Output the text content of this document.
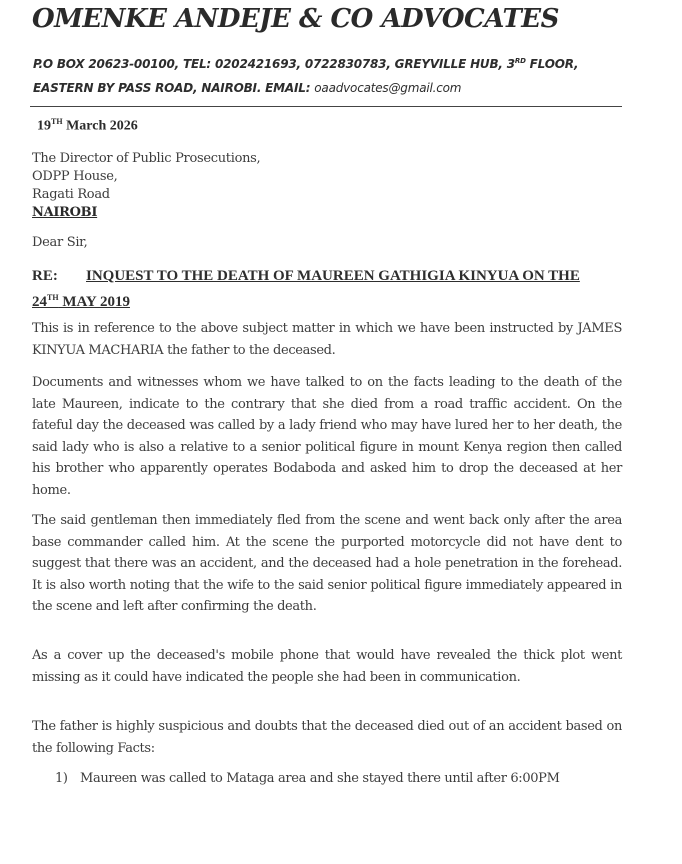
OMENKE ANDEJE & CO ADVOCATES
P.O BOX 20623-00100, TEL: 0202421693, 0722830783, GREYVILLE HUB, 3RD FLOOR,
EASTERN BY PASS ROAD, NAIROBI. EMAIL: oaadvocates@gmail.com
19TH March 2026
The Director of Public Prosecutions,
ODPP House,
Ragati Road
NAIROBI
Dear Sir,
RE: INQUEST TO THE DEATH OF MAUREEN GATHIGIA KINYUA ON THE
24TH MAY 2019

This is in reference to the above subject matter in which we have been instructed by JAMES KINYUA MACHARIA the father to the deceased.

Documents and witnesses whom we have talked to on the facts leading to the death of the late Maureen, indicate to the contrary that she died from a road traffic accident. On the fateful day the deceased was called by a lady friend who may have lured her to her death, the said lady who is also a relative to a senior political figure in mount Kenya region then called his brother who apparently operates Bodaboda and asked him to drop the deceased at her home.

The said gentleman then immediately fled from the scene and went back only after the area base commander called him. At the scene the purported motorcycle did not have dent to suggest that there was an accident, and the deceased had a hole penetration in the forehead. It is also worth noting that the wife to the said senior political figure immediately appeared in the scene and left after confirming the death.

As a cover up the deceased's mobile phone that would have revealed the thick plot went missing as it could have indicated the people she had been in communication.

The father is highly suspicious and doubts that the deceased died out of an accident based on the following Facts:

1) Maureen was called to Mataga area and she stayed there until after 6:00PM
